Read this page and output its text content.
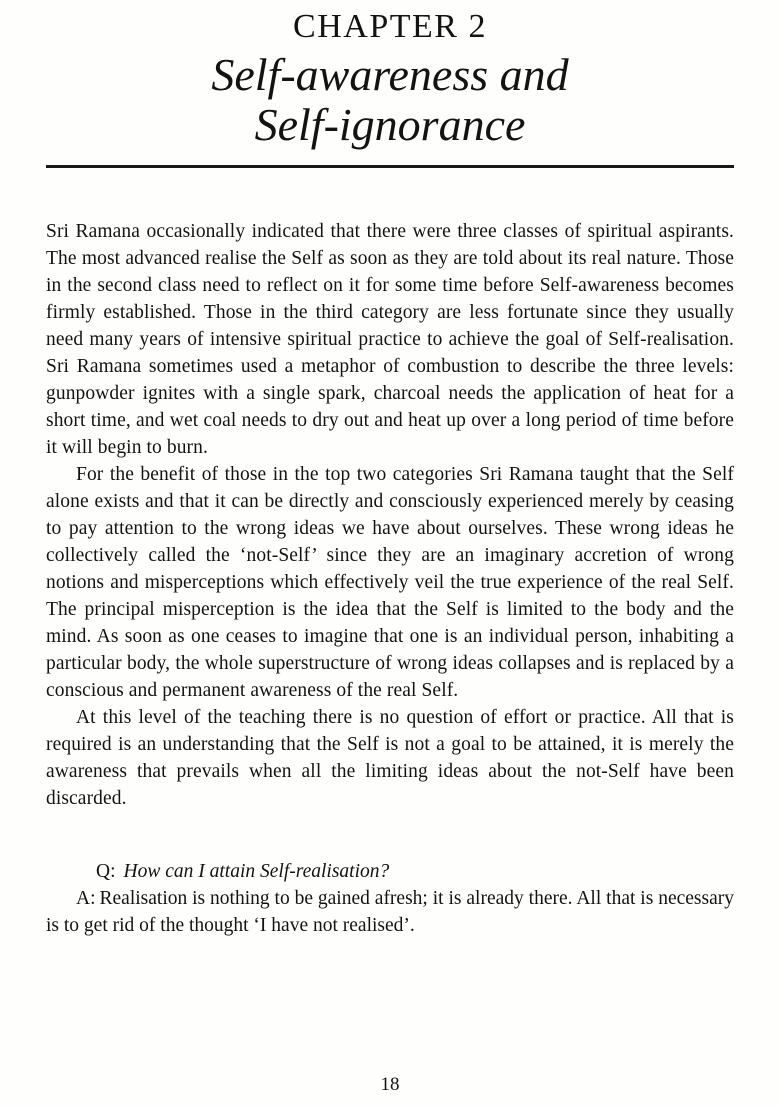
CHAPTER 2
Self-awareness and
Self-ignorance

Sri Ramana occasionally indicated that there were three classes of spiritual aspirants. The most advanced realise the Self as soon as they are told about its real nature. Those in the second class need to reflect on it for some time before Self-awareness becomes firmly established. Those in the third category are less fortunate since they usually need many years of intensive spiritual practice to achieve the goal of Self-realisation. Sri Ramana sometimes used a metaphor of combustion to describe the three levels: gunpowder ignites with a single spark, charcoal needs the application of heat for a short time, and wet coal needs to dry out and heat up over a long period of time before it will begin to burn.

For the benefit of those in the top two categories Sri Ramana taught that the Self alone exists and that it can be directly and consciously experienced merely by ceasing to pay attention to the wrong ideas we have about ourselves. These wrong ideas he collectively called the ‘not-Self’ since they are an imaginary accretion of wrong notions and misperceptions which effectively veil the true experience of the real Self. The principal misperception is the idea that the Self is limited to the body and the mind. As soon as one ceases to imagine that one is an individual person, inhabiting a particular body, the whole superstructure of wrong ideas collapses and is replaced by a conscious and permanent awareness of the real Self.

At this level of the teaching there is no question of effort or practice. All that is required is an understanding that the Self is not a goal to be attained, it is merely the awareness that prevails when all the limiting ideas about the not-Self have been discarded.

Q: How can I attain Self-realisation?

A: Realisation is nothing to be gained afresh; it is already there. All that is necessary is to get rid of the thought ‘I have not realised’.

18
